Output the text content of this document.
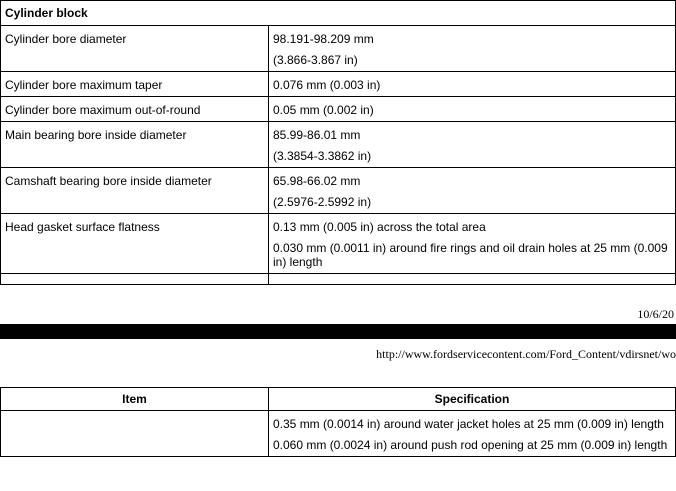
Cylinder block	

Cylinder bore diameter	98.191-98.209 mm
(3.866-3.867 in)

Cylinder bore maximum taper	0.076 mm (0.003 in)

Cylinder bore maximum out-of-round	0.05 mm (0.002 in)

Main bearing bore inside diameter	85.99-86.01 mm
(3.3854-3.3862 in)

Camshaft bearing bore inside diameter	65.98-66.02 mm
(2.5976-2.5992 in)

Head gasket surface flatness	0.13 mm (0.005 in) across the total area
0.030 mm (0.0011 in) around fire rings and oil drain holes at 25 mm (0.009 in) length

10/6/20
http://www.fordservicecontent.com/Ford_Content/vdirsnet/wo
Item	Specification

	0.35 mm (0.0014 in) around water jacket holes at 25 mm (0.009 in) length
0.060 mm (0.0024 in) around push rod opening at 25 mm (0.009 in) length
